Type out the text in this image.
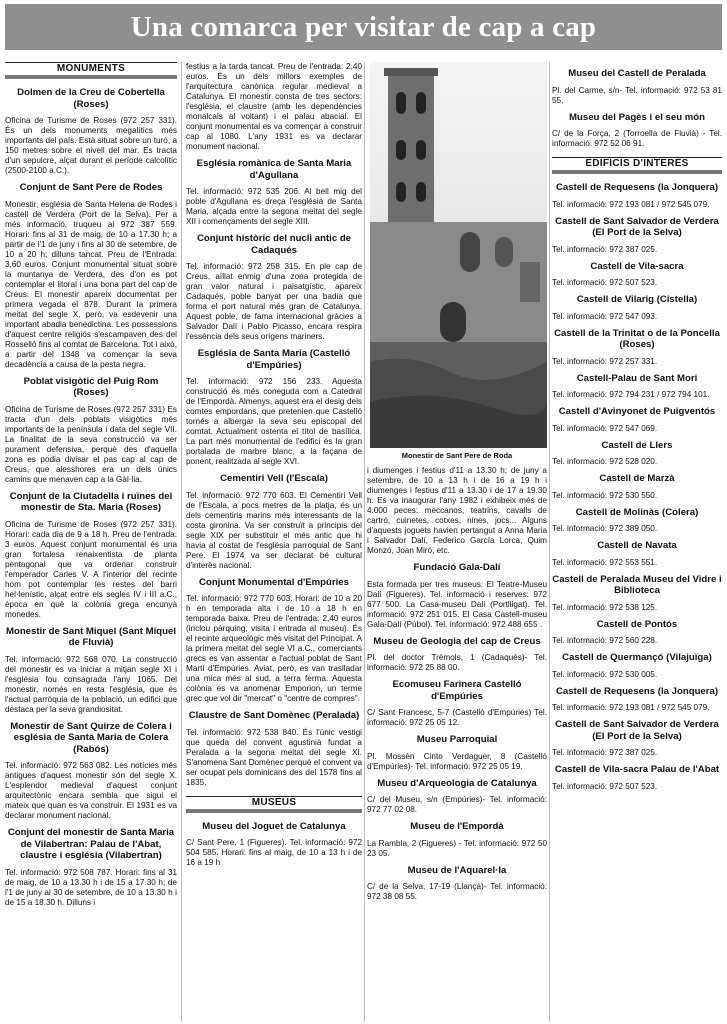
Una comarca per visitar de cap a cap
MONUMENTS
Dolmen de la Creu de Cobertella (Roses)
Oficina de Turisme de Roses (972 257 331). És un dels monuments megalítics més importants del país. Està situat sobre un turó, a 150 metres sobre el nivell del mar. Es tracta d'un sepulcre, alçat durant el període calcolític (2500-2100 a.C.).
Conjunt de Sant Pere de Rodes
Monestir, església de Santa Helena de Rodes i castell de Verdera (Port de la Selva). Per a més informació, truqueu al 972 387 559. Horari: fins al 31 de maig, de 10 a 17.30 h; a partir de l'1 de juny i fins al 30 de setembre, de 10 a 20 h; dilluns tancat. Preu de l'Entrada: 3,60 euros. Conjunt monumental situat sobre la muntanya de Verdera, des d'on es pot contemplar el litoral i una bona part del cap de Creus. El monestir apareix documentat per primera vegada el 878. Durant la primera meitat del segle X, però, va esdevenir una important abadia benedictina. Les possessions d'aquest centre religiós s'escampaven des del Rosselló fins al comtat de Barcelona. Tot i això, a partir del 1348 va començar la seva decadència a causa de la pesta negra.
Poblat visigòtic del Puig Rom (Roses)
Oficina de Turisme de Roses (972 257 331) Es tracta d'un dels poblats visigòtics més importants de la península i data del segle VII. La finalitat de la seva construcció va ser purament defensiva, perquè des d'aquella zona es podia divisar el pas cap al cap de Creus, que alesshores era un dels únics camins que menaven cap a la Gàl·lia.
Conjunt de la Ciutadella i ruïnes del monestir de Sta. Maria (Roses)
Oficina de Turisme de Roses (972 257 331). Horari: cada dia de 9 a 18 h. Preu de l'entrada: 3 euros. Aquest conjunt monumental és una gran fortalesa renaixentista de planta pentagonal que va ordenar construir l'emperador Carles V. A l'interior del recinte hom pot contemplar les restes del barri hel·lenístic, alçat entre els segles IV i III a.C., època en què la colònia grega encunyà monedes.
Monestir de Sant Miquel (Sant Miquel de Fluvià)
Tel. informació: 972 568 070. La construcció del monestir es va iniciar a mitjan segle XI i l'església fou consagrada l'any 1065. Del monestir, només en resta l'església, que és l'actual parròquia de la població, un edifici que destaca per la seva grandiositat.
Monestir de Sant Quirze de Colera i església de Santa Maria de Colera (Rabós)
Tel. informació: 972 563 082. Les notícies més antigues d'aquest monestir són del segle X. L'esplendor medieval d'aquest conjunt arquitectònic encara sembla que sigui el mateix que quan es va construir. El 1931 es va declarar monument nacional.
Conjunt del monestir de Santa Maria de Vilabertran: Palau de l'Abat, claustre i església (Vilabertran)
Tel. informació: 972 508 787. Horari: fins al 31 de maig, de 10 a 13.30 h i de 15 a 17.30 h; de l'1 de juny al 30 de setembre, de 10 a 13.30 h i de 15 a 18.30 h. Dilluns i
festius a la tarda tancat. Preu de l'entrada: 2,40 euros. És un dels millors exemples de l'arquitectura canònica regular medieval a Catalunya. El monestir consta de tres sectors: l'església, el claustre (amb les dependències monalcals al voltant) i el palau abacial. El conjunt monumental es va començar a construir cap al 1080. L'any 1931 es va declarar monument nacional.
Església romànica de Santa Maria d'Agullana
Tel. informació: 972 535 206. Al bell mig del poble d'Agullana es dreça l'església de Santa Maria, alçada entre la segona meitat del segle XII i començaments del segle XIII.
Conjunt històric del nucli antic de Cadaqués
Tel. informació: 972 258 315. En ple cap de Creus, aïllat enmig d'una zona protegida de gran valor natural i paisatgístic, apareix Cadaqués, poble banyat per una badia que forma el port natural més gran de Catalunya. Aquest poble, de fama internacional gràcies a Salvador Dalí i Pablo Picasso, encara respira l'essència dels seus orígens mariners.
Església de Santa Maria (Castelló d'Empúries)
Tel. informació: 972 156 233. Aquesta construcció és més coneguda com a Catedral de l'Empordà. Almenys, aquest era el desig dels comtes empordans, que pretenien que Castelló tornés a albergar la seva seu episcopal del comtat. Actualment ostenta el títol de basílica. La part més monumental de l'edifici és la gran portalada de marbre blanc, a la façana de ponent, realitzada al segle XVI.
Cementiri Vell (l'Escala)
Tel. informació: 972 770 603. El Cementiri Vell de l'Escala, a pocs metres de la platja, és un dels cementiris marins més interessants de la costa gironina. Va ser construït a principis del segle XIX per substituir el més antic que hi havia al costat de l'església parroquial de Sant Pere. El 1974 va ser declarat bé cultural d'interès nacional.
Conjunt Monumental d'Empúries
Tel. informació: 972 770 603. Horari: de 10 a 20 h en temporada alta i de 10 a 18 h en temporada baixa. Preu de l'entrada: 2,40 euros (inclou pàrquing, visita i entrada al museu). És el recinte arqueològic més visitat del Principat. A la primera meitat del segle VI a.C., comerciants grecs es van assentar a l'actual poblat de Sant Martí d'Empúries. Aviat, però, es van traslladar una mica més al sud, a terra ferma. Aquesta colònia es va anomenar Emporion, un terme grec que vol dir "mercat" o "centre de compres".
Claustre de Sant Domènec (Peralada)
Tel. informació: 972 538 840. És l'únic vestigi que queda del convent agustinià fundat a Peralada a la segona meitat del segle XI. S'anomena Sant Domènec perquè el convent va ser ocupat pels dominicans des del 1578 fins al 1835.
MUSEUS
Museu del Joguet de Catalunya
C/ Sant Pere, 1 (Figueres). Tel. informació: 972 504 585. Horari: fins al maig, de 10 a 13 h i de 16 a 19 h
Monestir de Sant Pere de Roda
i diumenges i festius d'11 a 13.30 h; de juny a setembre, de 10 a 13 h i de 16 a 19 h i diumenges i festius d'11 a 13.30 i de 17 a 19.30 h. Es va inaugurar l'any 1982 i exhibeix més de 4.000 peces: meccanos, teatrins, cavalls de cartró, cuinetes, cotxes, nines, jocs... Alguns d'aquests joguets havien pertangut a Anna Maria i Salvador Dalí, Federico García Lorca, Quim Monzó, Joan Miró, etc.
Fundació Gala-Dalí
Esta formada per tres museus: El Teatre-Museu Dalí (Figueres). Tel. informació i reserves: 972 677 500. La Casa-museu Dalí (Portlligat). Tel. informació: 972 251 015. El Casa Castell-museu Gala-Dalí (Púbol). Tel. informació: 972 488 655 .
Museu de Geologia del cap de Creus
Pl. del doctor Trèmols, 1 (Cadaqués)- Tel. informació: 972 25 88 00.
Ecomuseu Farinera Castelló d'Empúries
C/ Sant Francesc, 5-7 (Castelló d'Empúries) Tel. informació: 972 25 05 12.
Museu Parroquial
Pl. Mossèn Cinto Verdaguer, 8 (Castelló d'Empúries)- Tel. informació: 972 25 05 19.
Museu d'Arqueologia de Catalunya
C/ del Museu, s/n (Empúries)- Tel. informació: 972 77 02 08.
Museu de l'Empordà
La Rambla, 2 (Figueres) - Tel. informació: 972 50 23 05.
Museu de l'Aquarel·la
C/ de la Selva, 17-19 (Llançà)- Tel. informació: 972 38 08 55.
Museu del Castell de Peralada
Pl. del Carme, s/n- Tel. informació: 972 53 81 55.
Museu del Pagès i el seu món
C/ de la Força, 2 (Torroella de Fluvià) - Tel. informació: 972 52 06 91.
EDIFICIS D'INTERÈS
Castell de Requesens (la Jonquera)
Tel. informació: 972 193 081 / 972 545 079.
Castell de Sant Salvador de Verdera (El Port de la Selva)
Tel. informació: 972 387 025.
Castell de Vila-sacra
Tel. informació: 972 507 523.
Castell de Vilarig (Cistella)
Tel. informació: 972 547 093.
Castell de la Trinitat o de la Poncella (Roses)
Tel. informació: 972 257 331.
Castell-Palau de Sant Mori
Tel. informació: 972 794 231 / 972 794 101.
Castell d'Avinyonet de Puigventós
Tel. informació: 972 547 069.
Castell de Llers
Tel. informació: 972 528 020.
Castell de Marzà
Tel. informació: 972 530 550.
Castell de Molinàs (Colera)
Tel. informació: 972 389 050.
Castell de Navata
Tel. informació: 972 553 551.
Castell de Peralada Museu del Vidre i Biblioteca
Tel. informació: 972 538 125.
Castell de Pontós
Tel. informació: 972 560 228.
Castell de Quermançó (Vilajuïga)
Tel. informació: 972 530 005.
Castell de Requesens (la Jonquera)
Tel. informació: 972 193 081 / 972 545 079.
Castell de Sant Salvador de Verdera (El Port de la Selva)
Tel. informació: 972 387 025.
Castell de Vila-sacra Palau de l'Abat
Tel. informació: 972 507 523.
